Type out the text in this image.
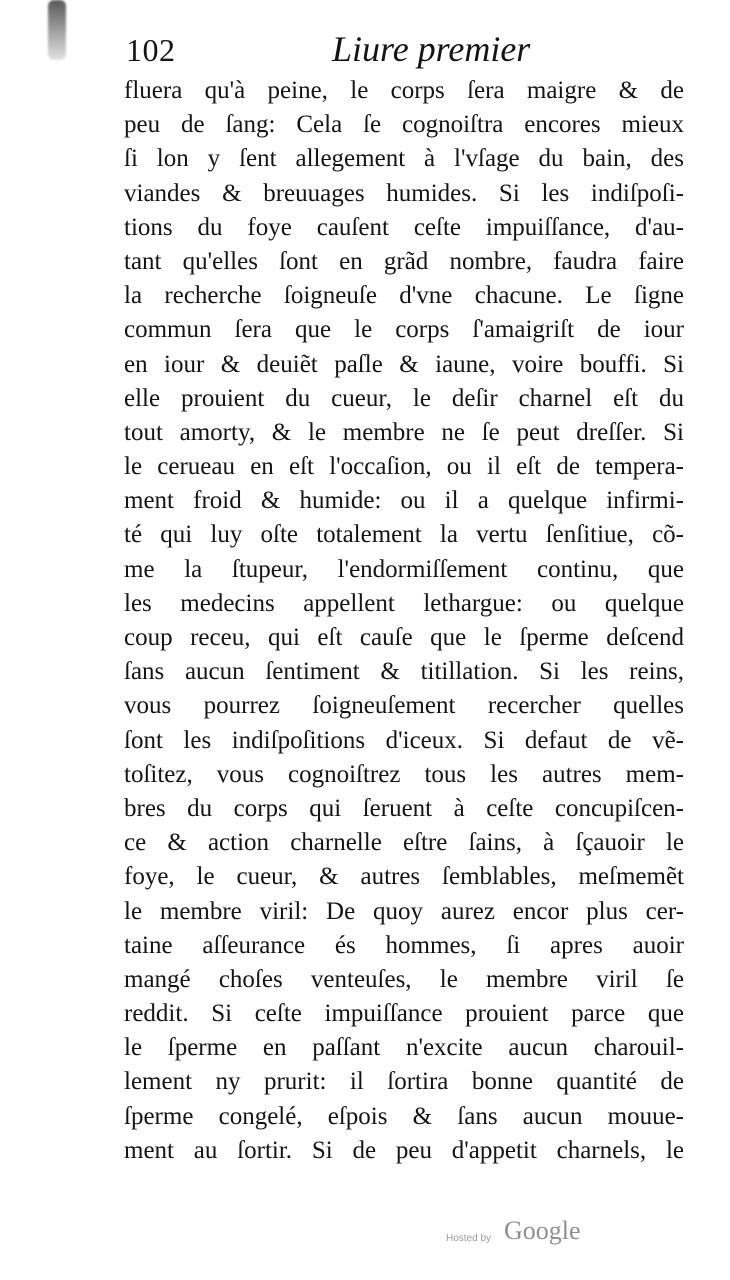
102	Liure premier
fluera qu'à peine, le corps ſera maigre & de
peu de ſang: Cela ſe cognoiſtra encores mieux
ſi lon y ſent allegement à l'vſage du bain, des
viandes & breuuages humides. Si les indiſpoſi-
tions du foye cauſent ceſte impuiſſance, d'au-
tant qu'elles ſont en grãd nombre, faudra faire
la recherche ſoigneuſe d'vne chacune. Le ſigne
commun ſera que le corps ſ'amaigriſt de iour
en iour & deuiẽt paſle & iaune, voire bouffi. Si
elle prouient du cueur, le deſir charnel eſt du
tout amorty, & le membre ne ſe peut dreſſer. Si
le cerueau en eſt l'occaſion, ou il eſt de tempera-
ment froid & humide: ou il a quelque infirmi-
té qui luy oſte totalement la vertu ſenſitiue, cõ-
me la ſtupeur, l'endormiſſement continu, que
les medecins appellent lethargue: ou quelque
coup receu, qui eſt cauſe que le ſperme deſcend
ſans aucun ſentiment & titillation. Si les reins,
vous pourrez ſoigneuſement recercher quelles
ſont les indiſpoſitions d'iceux. Si defaut de vẽ-
toſitez, vous cognoiſtrez tous les autres mem-
bres du corps qui ſeruent à ceſte concupiſcen-
ce & action charnelle eſtre ſains, à ſçauoir le
foye, le cueur, & autres ſemblables, meſmemẽt
le membre viril: De quoy aurez encor plus cer-
taine aſſeurance és hommes, ſi apres auoir
mangé choſes venteuſes, le membre viril ſe
reddit. Si ceſte impuiſſance prouient parce que
le ſperme en paſſant n'excite aucun charouil-
lement ny prurit: il ſortira bonne quantité de
ſperme congelé, eſpois & ſans aucun mouue-
ment au ſortir. Si de peu d'appetit charnels, le
Hosted by Google
